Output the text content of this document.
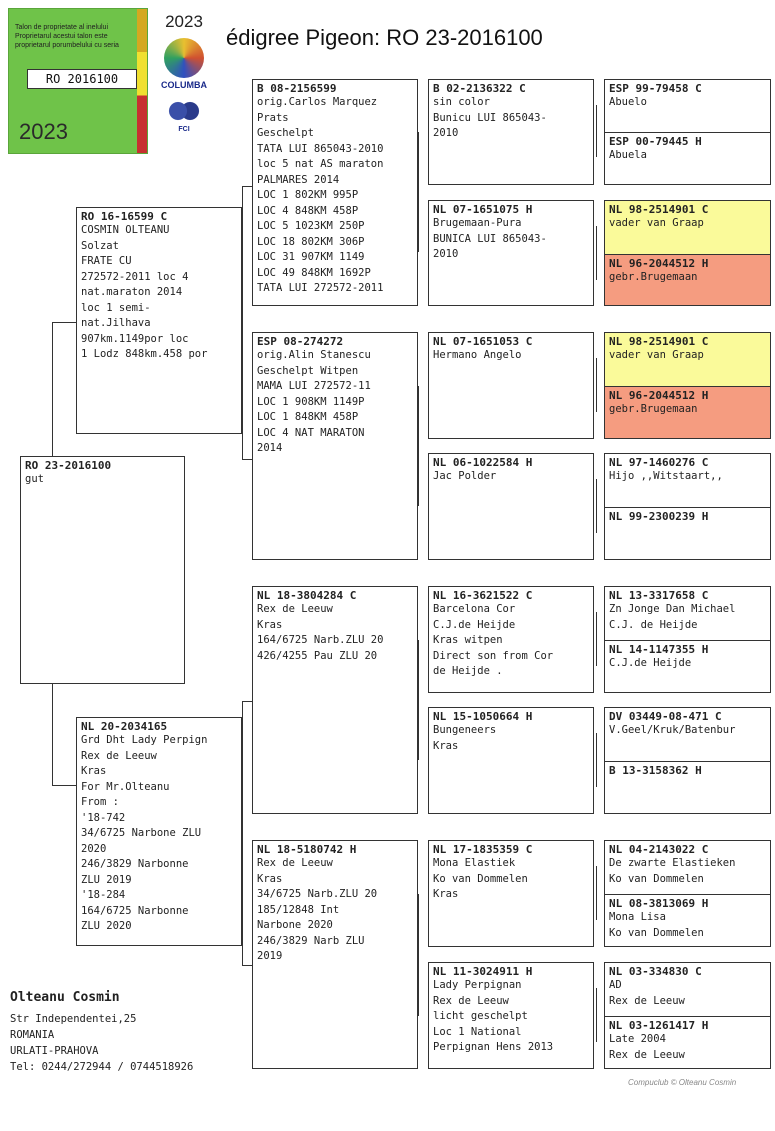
Talon de proprietate al inelului Proprietarul acestui talon este proprietarul porumbelului cu seria
RO 2016100
2023
2023
COLUMBA
FCI
édigree Pigeon: RO 23-2016100
RO 23-2016100
gut
RO 16-16599 C
COSMIN OLTEANU
Solzat
FRATE CU
272572-2011 loc 4
nat.maraton 2014
loc 1 semi-
nat.Jilhava
907km.1149por loc
1 Lodz 848km.458 por
NL 20-2034165
Grd Dht Lady Perpign
Rex de Leeuw
Kras
For Mr.Olteanu
From :
'18-742
34/6725 Narbone ZLU
2020
246/3829 Narbonne
ZLU 2019
'18-284
164/6725 Narbonne
ZLU 2020
B 08-2156599
orig.Carlos Marquez
Prats
Geschelpt
TATA LUI 865043-2010
loc 5 nat AS maraton
PALMARES 2014
LOC 1 802KM 995P
LOC 4 848KM 458P
LOC 5 1023KM 250P
LOC 18 802KM 306P
LOC 31 907KM 1149
LOC 49 848KM 1692P
TATA LUI 272572-2011
ESP 08-274272
orig.Alin Stanescu
Geschelpt Witpen
MAMA LUI 272572-11
LOC 1 908KM 1149P
LOC 1 848KM 458P
LOC 4 NAT MARATON
2014
NL 18-3804284 C
Rex de Leeuw
Kras
164/6725 Narb.ZLU 20
426/4255 Pau ZLU 20
NL 18-5180742 H
Rex de Leeuw
Kras
34/6725 Narb.ZLU 20
185/12848 Int
Narbone 2020
246/3829 Narb ZLU
2019
B 02-2136322 C
sin color
Bunicu LUI 865043-
2010
NL 07-1651075 H
Brugemaan-Pura
BUNICA LUI 865043-
2010
NL 07-1651053 C
Hermano Angelo
NL 06-1022584 H
Jac Polder
NL 16-3621522 C
Barcelona Cor
C.J.de Heijde
Kras witpen
Direct son from Cor
de Heijde .
NL 15-1050664 H
Bungeneers
Kras
NL 17-1835359 C
Mona Elastiek
Ko van Dommelen
Kras
NL 11-3024911 H
Lady Perpignan
Rex de Leeuw
licht geschelpt
Loc 1 National
Perpignan Hens 2013
ESP 99-79458 C
Abuelo
ESP 00-79445 H
Abuela
NL 98-2514901 C
vader van Graap
NL 96-2044512 H
gebr.Brugemaan
NL 98-2514901 C
vader van Graap
NL 96-2044512 H
gebr.Brugemaan
NL 97-1460276 C
Hijo ,,Witstaart,,
NL 99-2300239 H
NL 13-3317658 C
Zn Jonge Dan Michael
C.J. de Heijde
NL 14-1147355 H
C.J.de Heijde
DV 03449-08-471 C
V.Geel/Kruk/Batenbur
B 13-3158362 H
NL 04-2143022 C
De zwarte Elastieken
Ko van Dommelen
NL 08-3813069 H
Mona Lisa
Ko van Dommelen
NL 03-334830 C
AD
Rex de Leeuw
NL 03-1261417 H
Late 2004
Rex de Leeuw
Olteanu Cosmin
Str Independentei,25
ROMANIA
URLATI-PRAHOVA
Tel: 0244/272944 / 0744518926
Compuclub © Olteanu Cosmin
